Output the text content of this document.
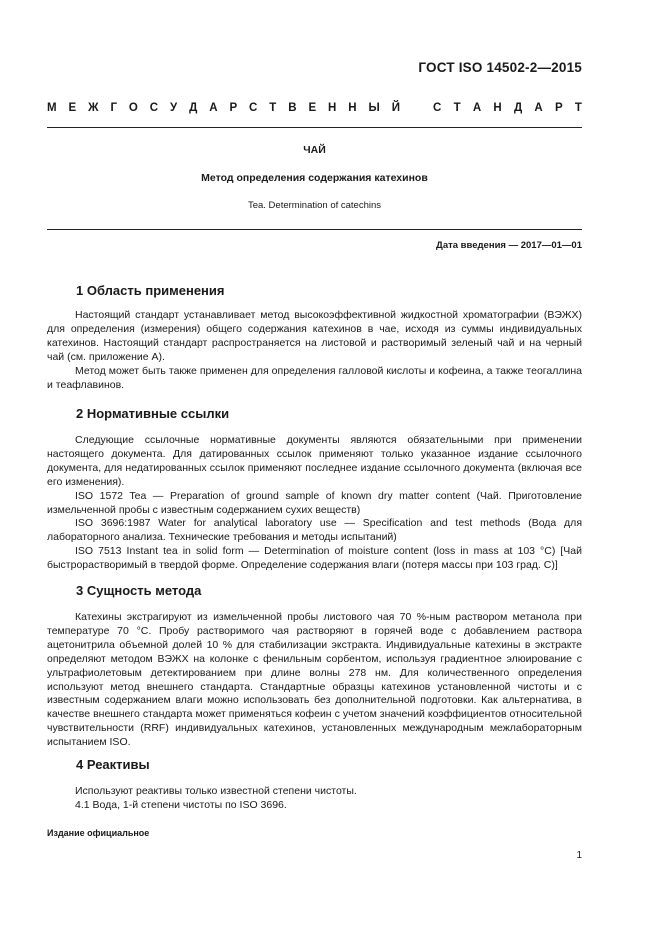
ГОСТ ISO 14502-2—2015
М Е Ж Г О С У Д А Р С Т В Е Н Н Ы Й	С Т А Н Д А Р Т
ЧАЙ
Метод определения содержания катехинов
Tea. Determination of catechins
Дата введения — 2017—01—01
1 Область применения

Настоящий стандарт устанавливает метод высокоэффективной жидкостной хроматографии (ВЭЖХ) для определения (измерения) общего содержания катехинов в чае, исходя из суммы индивидуальных катехинов. Настоящий стандарт распространяется на листовой и растворимый зеленый чай и на черный чай (см. приложение А).

Метод может быть также применен для определения галловой кислоты и кофеина, а также теогаллина и теафлавинов.

2 Нормативные ссылки

Следующие ссылочные нормативные документы являются обязательными при применении настоящего документа. Для датированных ссылок применяют только указанное издание ссылочного документа, для недатированных ссылок применяют последнее издание ссылочного документа (включая все его изменения).

ISO 1572 Tea — Preparation of ground sample of known dry matter content (Чай. Приготовление измельченной пробы с известным содержанием сухих веществ)

ISO 3696:1987 Water for analytical laboratory use — Specification and test methods (Вода для лабораторного анализа. Технические требования и методы испытаний)

ISO 7513 Instant tea in solid form — Determination of moisture content (loss in mass at 103 °C) [Чай быстрорастворимый в твердой форме. Определение содержания влаги (потеря массы при 103 град. С)]

3 Сущность метода

Катехины экстрагируют из измельченной пробы листового чая 70 %-ным раствором метанола при температуре 70 °С. Пробу растворимого чая растворяют в горячей воде с добавлением раствора ацетонитрила объемной долей 10 % для стабилизации экстракта. Индивидуальные катехины в экстракте определяют методом ВЭЖХ на колонке с фенильным сорбентом, используя градиентное элюирование с ультрафиолетовым детектированием при длине волны 278 нм. Для количественного определения используют метод внешнего стандарта. Стандартные образцы катехинов установленной чистоты и с известным содержанием влаги можно использовать без дополнительной подготовки. Как альтернатива, в качестве внешнего стандарта может применяться кофеин с учетом значений коэффициентов относительной чувствительности (RRF) индивидуальных катехинов, установленных международным межлабораторным испытанием ISO.

4 Реактивы

Используют реактивы только известной степени чистоты.

4.1 Вода, 1-й степени чистоты по ISO 3696.

Издание официальное
1
